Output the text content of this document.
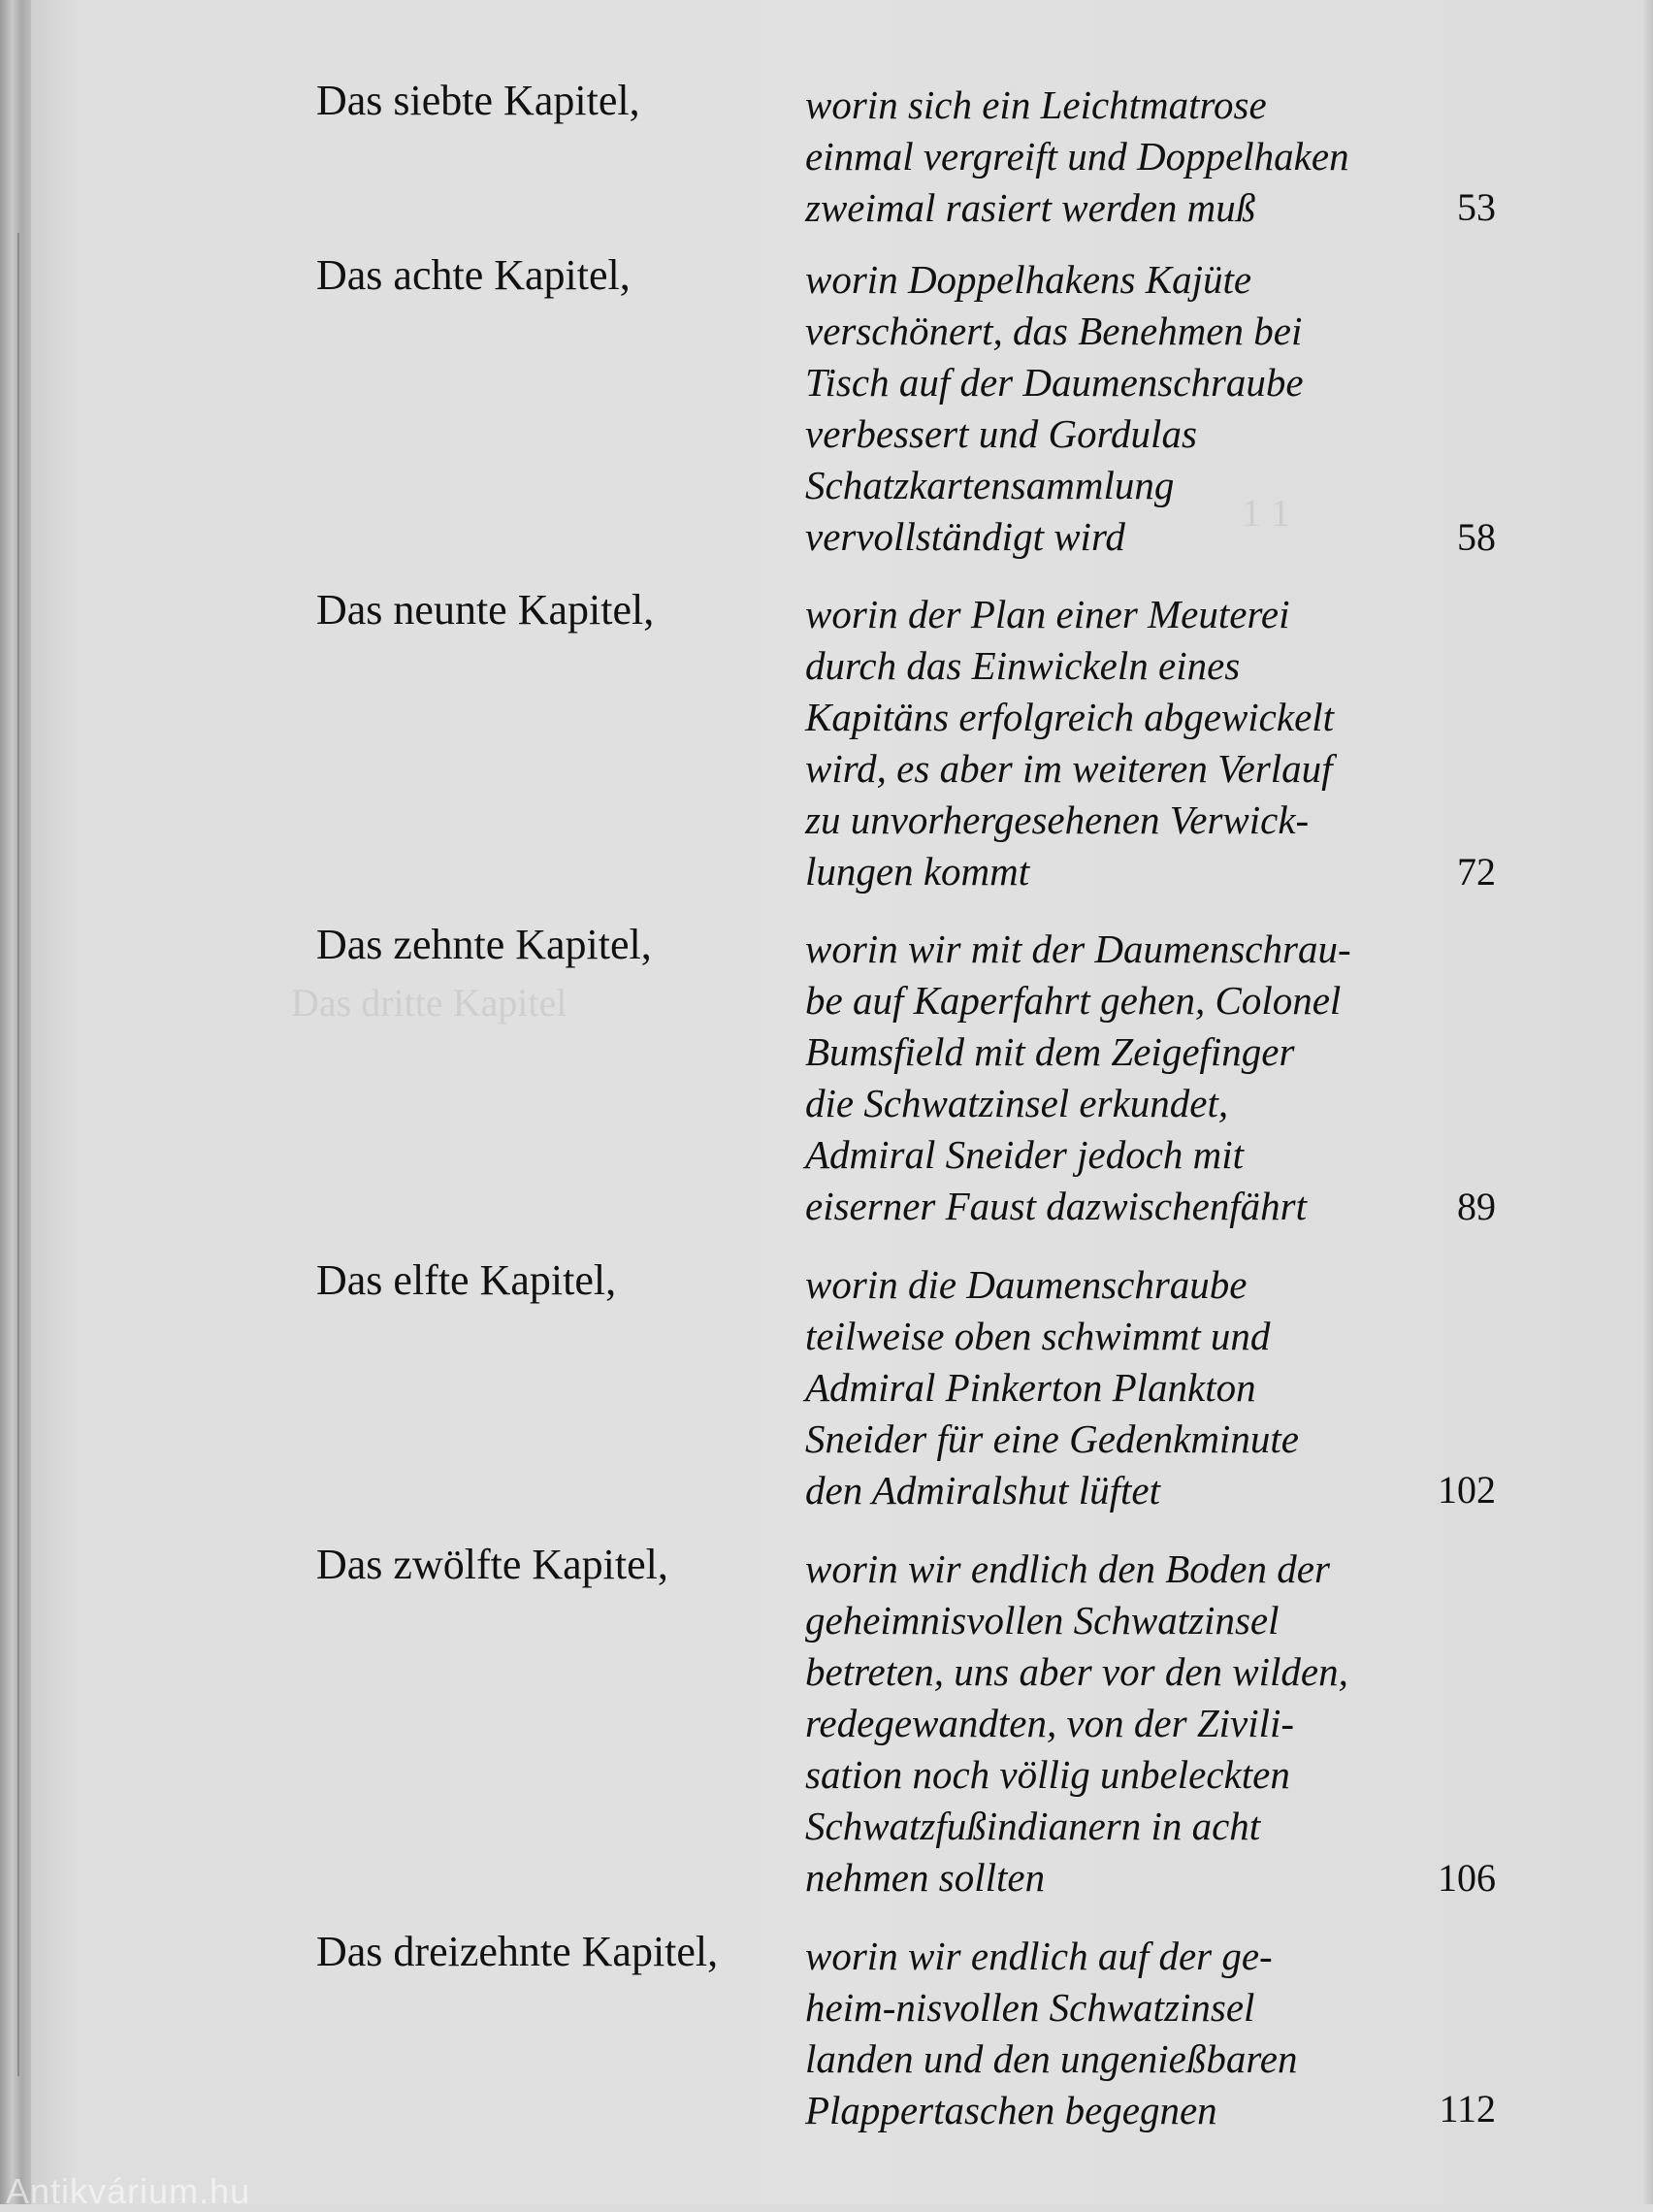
1 1
Das dritte Kapitel
Das siebte Kapitel,	worin sich ein Leichtmatrose
einmal vergreift und Doppelhaken
zweimal rasiert werden muß	53
Das achte Kapitel,	worin Doppelhakens Kajüte
verschönert, das Benehmen bei
Tisch auf der Daumenschraube
verbessert und Gordulas
Schatzkartensammlung
vervollständigt wird	58
Das neunte Kapitel,	worin der Plan einer Meuterei
durch das Einwickeln eines
Kapitäns erfolgreich abgewickelt
wird, es aber im weiteren Verlauf
zu unvorhergesehenen Verwick-
lungen kommt	72
Das zehnte Kapitel,	worin wir mit der Daumenschrau-
be auf Kaperfahrt gehen, Colonel
Bumsfield mit dem Zeigefinger
die Schwatzinsel erkundet,
Admiral Sneider jedoch mit
eiserner Faust dazwischenfährt	89
Das elfte Kapitel,	worin die Daumenschraube
teilweise oben schwimmt und
Admiral Pinkerton Plankton
Sneider für eine Gedenkminute
den Admiralshut lüftet	102
Das zwölfte Kapitel,	worin wir endlich den Boden der
geheimnisvollen Schwatzinsel
betreten, uns aber vor den wilden,
redegewandten, von der Zivili-
sation noch völlig unbeleckten
Schwatzfußindianern in acht
nehmen sollten	106
Das dreizehnte Kapitel, worin wir endlich auf der ge-
heim-nisvollen Schwatzinsel
landen und den ungenießbaren
Plappertaschen begegnen	112
Antikvárium.hu
